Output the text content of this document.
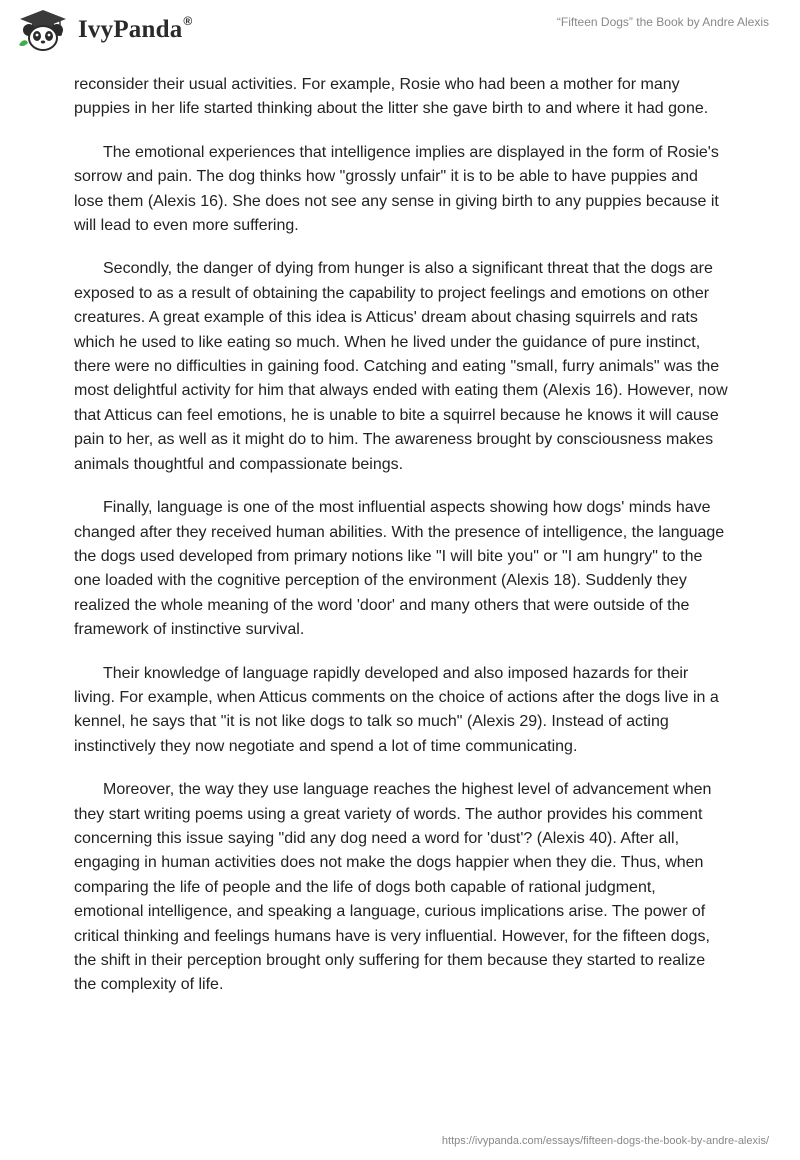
IvyPanda®	“Fifteen Dogs” the Book by Andre Alexis

reconsider their usual activities. For example, Rosie who had been a mother for many puppies in her life started thinking about the litter she gave birth to and where it had gone.

The emotional experiences that intelligence implies are displayed in the form of Rosie's sorrow and pain. The dog thinks how "grossly unfair" it is to be able to have puppies and lose them (Alexis 16). She does not see any sense in giving birth to any puppies because it will lead to even more suffering.

Secondly, the danger of dying from hunger is also a significant threat that the dogs are exposed to as a result of obtaining the capability to project feelings and emotions on other creatures. A great example of this idea is Atticus' dream about chasing squirrels and rats which he used to like eating so much. When he lived under the guidance of pure instinct, there were no difficulties in gaining food. Catching and eating "small, furry animals" was the most delightful activity for him that always ended with eating them (Alexis 16). However, now that Atticus can feel emotions, he is unable to bite a squirrel because he knows it will cause pain to her, as well as it might do to him. The awareness brought by consciousness makes animals thoughtful and compassionate beings.

Finally, language is one of the most influential aspects showing how dogs' minds have changed after they received human abilities. With the presence of intelligence, the language the dogs used developed from primary notions like "I will bite you" or "I am hungry" to the one loaded with the cognitive perception of the environment (Alexis 18). Suddenly they realized the whole meaning of the word 'door' and many others that were outside of the framework of instinctive survival.

Their knowledge of language rapidly developed and also imposed hazards for their living. For example, when Atticus comments on the choice of actions after the dogs live in a kennel, he says that "it is not like dogs to talk so much" (Alexis 29). Instead of acting instinctively they now negotiate and spend a lot of time communicating.

Moreover, the way they use language reaches the highest level of advancement when they start writing poems using a great variety of words. The author provides his comment concerning this issue saying "did any dog need a word for 'dust'? (Alexis 40). After all, engaging in human activities does not make the dogs happier when they die. Thus, when comparing the life of people and the life of dogs both capable of rational judgment, emotional intelligence, and speaking a language, curious implications arise. The power of critical thinking and feelings humans have is very influential. However, for the fifteen dogs, the shift in their perception brought only suffering for them because they started to realize the complexity of life.

https://ivypanda.com/essays/fifteen-dogs-the-book-by-andre-alexis/
